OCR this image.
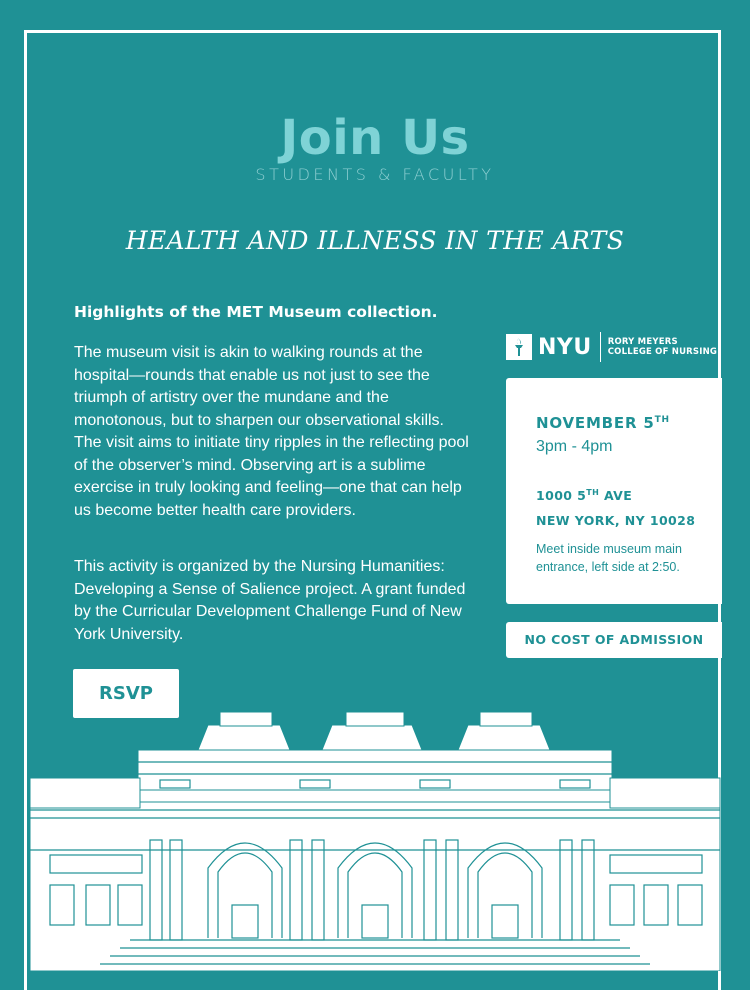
Join Us
STUDENTS & FACULTY
HEALTH AND ILLNESS IN THE ARTS
Highlights of the MET Museum collection.
The museum visit is akin to walking rounds at the hospital—rounds that enable us not just to see the triumph of artistry over the mundane and the monotonous, but to sharpen our observational skills. The visit aims to initiate tiny ripples in the reflecting pool of the observer’s mind. Observing art is a sublime exercise in truly looking and feeling—one that can help us become better health care providers.
This activity is organized by the Nursing Humanities: Developing a Sense of Salience project. A grant funded by the Curricular Development Challenge Fund of New York University.
RSVP
NYU RORY MEYERS
COLLEGE OF NURSING
NOVEMBER 5TH
3pm - 4pm
1000 5TH AVE
NEW YORK, NY 10028
Meet inside museum main entrance, left side at 2:50.
NO COST OF ADMISSION
